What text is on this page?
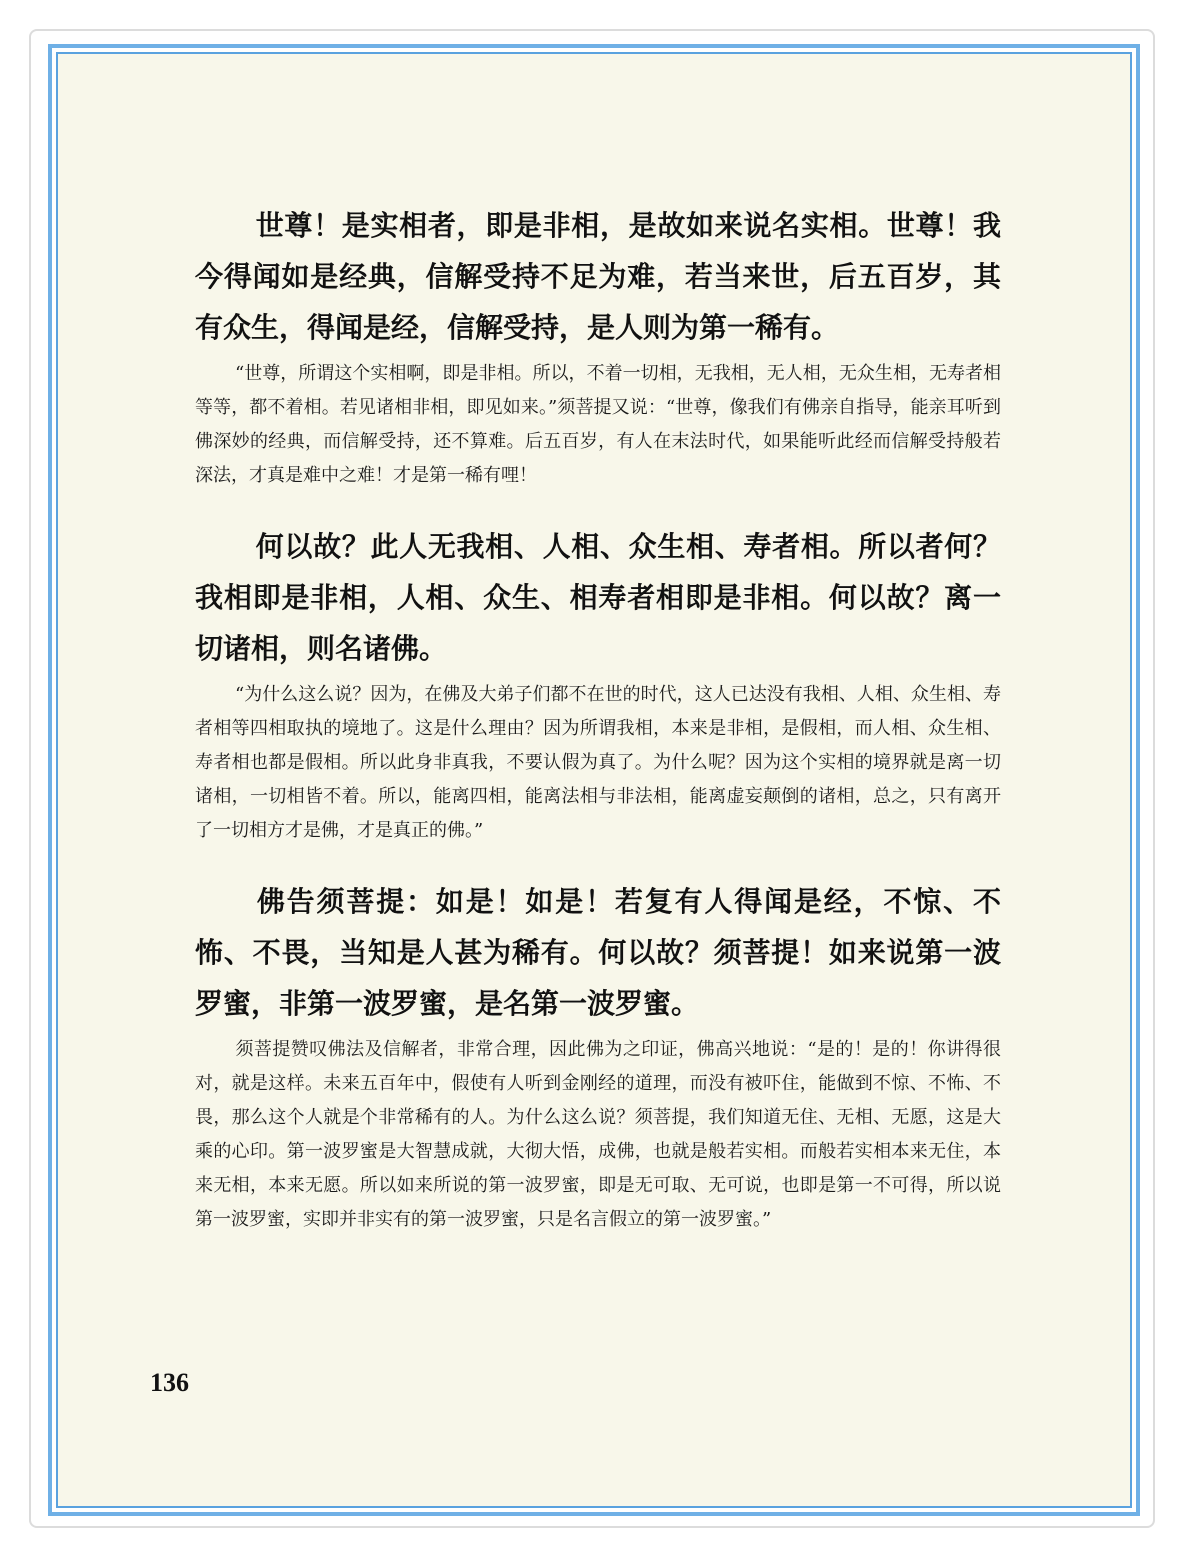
世尊！是实相者，即是非相，是故如来说名实相。世尊！我今得闻如是经典，信解受持不足为难，若当来世，后五百岁，其有众生，得闻是经，信解受持，是人则为第一稀有。

“世尊，所谓这个实相啊，即是非相。所以，不着一切相，无我相，无人相，无众生相，无寿者相等等，都不着相。若见诸相非相，即见如来。”须菩提又说：“世尊，像我们有佛亲自指导，能亲耳听到佛深妙的经典，而信解受持，还不算难。后五百岁，有人在末法时代，如果能听此经而信解受持般若深法，才真是难中之难！才是第一稀有哩！

何以故？此人无我相、人相、众生相、寿者相。所以者何？我相即是非相，人相、众生、相寿者相即是非相。何以故？离一切诸相，则名诸佛。

“为什么这么说？因为，在佛及大弟子们都不在世的时代，这人已达没有我相、人相、众生相、寿者相等四相取执的境地了。这是什么理由？因为所谓我相，本来是非相，是假相，而人相、众生相、寿者相也都是假相。所以此身非真我，不要认假为真了。为什么呢？因为这个实相的境界就是离一切诸相，一切相皆不着。所以，能离四相，能离法相与非法相，能离虚妄颠倒的诸相，总之，只有离开了一切相方才是佛，才是真正的佛。”

佛告须菩提：如是！如是！若复有人得闻是经，不惊、不怖、不畏，当知是人甚为稀有。何以故？须菩提！如来说第一波罗蜜，非第一波罗蜜，是名第一波罗蜜。

须菩提赞叹佛法及信解者，非常合理，因此佛为之印证，佛高兴地说：“是的！是的！你讲得很对，就是这样。未来五百年中，假使有人听到金刚经的道理，而没有被吓住，能做到不惊、不怖、不畏，那么这个人就是个非常稀有的人。为什么这么说？须菩提，我们知道无住、无相、无愿，这是大乘的心印。第一波罗蜜是大智慧成就，大彻大悟，成佛，也就是般若实相。而般若实相本来无住，本来无相，本来无愿。所以如来所说的第一波罗蜜，即是无可取、无可说，也即是第一不可得，所以说第一波罗蜜，实即并非实有的第一波罗蜜，只是名言假立的第一波罗蜜。”

136
